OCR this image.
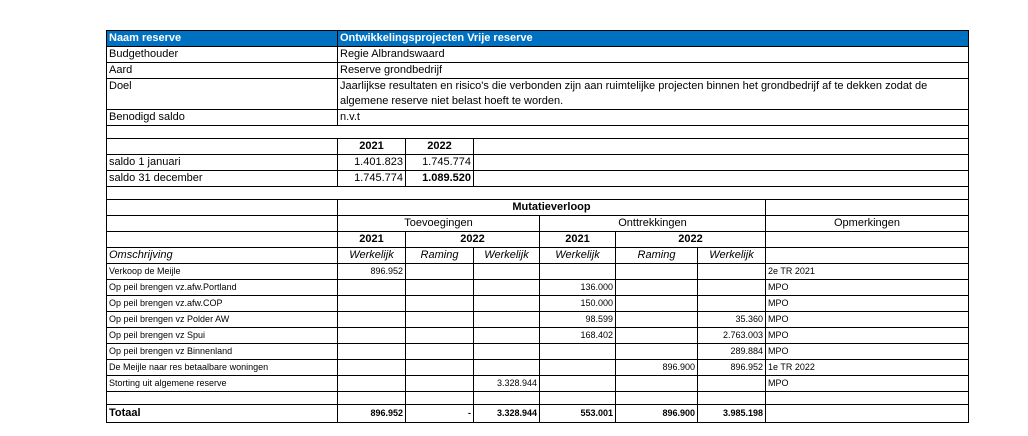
Naam reserve	Ontwikkelingsprojecten Vrije reserve						
Budgethouder	Regie Albrandswaard						
Aard	Reserve grondbedrijf						
Doel	Jaarlijkse resultaten en risico's die verbonden zijn aan ruimtelijke projecten binnen het grondbedrijf af te dekken zodat de algemene reserve niet belast hoeft te worden.						
Benodigd saldo	n.v.t						

	2021	2022					
saldo 1 januari	1.401.823	1.745.774					
saldo 31 december	1.745.774	1.089.520					

	Mutatieverloop						
	Toevoegingen			Onttrekkingen			Opmerkingen
	2021	2022		2021	2022		
Omschrijving	Werkelijk	Raming	Werkelijk	Werkelijk	Raming	Werkelijk	
Verkoop de Meijle	896.952						2e TR 2021
Op peil brengen vz.afw.Portland				136.000			MPO
Op peil brengen vz.afw.COP				150.000			MPO
Op peil brengen vz Polder AW				98.599		35.360	MPO
Op peil brengen vz Spui				168.402		2.763.003	MPO
Op peil brengen vz Binnenland						289.884	MPO
De Meijle naar res betaalbare woningen					896.900	896.952	1e TR 2022
Storting uit algemene reserve			3.328.944				MPO

Totaal	896.952	-	3.328.944	553.001	896.900	3.985.198	
